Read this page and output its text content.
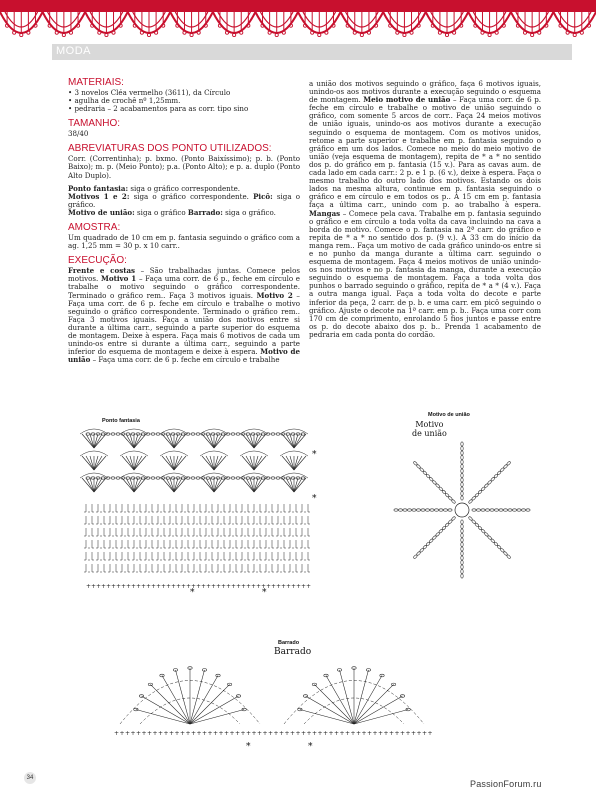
MODA
MATERIAIS:
• 3 novelos Cléa vermelho (3611), da Círculo
• agulha de crochê nº 1,25mm.
• pedraria – 2 acabamentos para as corr. tipo sino
TAMANHO:

38/40

ABREVIATURAS DOS PONTO UTILIZADOS:

Corr. (Correntinha); p. bxmo. (Ponto Baixíssimo); p. b. (Ponto Baixo); m. p. (Meio Ponto); p.a. (Ponto Alto); e p. a. duplo (Ponto Alto Duplo).

Ponto fantasia: siga o gráfico correspondente.
Motivos 1 e 2: siga o gráfico correspondente. Picô: siga o gráfico.
Motivo de união: siga o gráfico Barrado: siga o gráfico.

AMOSTRA:

Um quadrado de 10 cm em p. fantasia seguindo o gráfico com a ag. 1,25 mm = 30 p. x 10 carr..

EXECUÇÃO:

Frente e costas – São trabalhadas juntas. Comece pelos motivos. Motivo 1 – Faça uma corr. de 6 p., feche em círculo e trabalhe o motivo seguindo o gráfico correspondente. Terminado o gráfico rem.. Faça 3 motivos iguais. Motivo 2 – Faça uma corr. de 6 p. feche em círculo e trabalhe o motivo seguindo o gráfico correspondente. Terminado o gráfico rem.. Faça 3 motivos iguais. Faça a união dos motivos entre si durante a última carr., seguindo a parte superior do esquema de montagem. Deixe à espera. Faça mais 6 motivos de cada um unindo-os entre si durante a última carr., seguindo a parte inferior do esquema de montagem e deixe à espera. Motivo de união – Faça uma corr. de 6 p. feche em círculo e trabalhe

a união dos motivos seguindo o gráfico, faça 6 motivos iguais, unindo-os aos motivos durante a execução seguindo o esquema de montagem. Meio motivo de união – Faça uma corr. de 6 p. feche em círculo e trabalhe o motivo de união seguindo o gráfico, com somente 5 arcos de corr.. Faça 24 meios motivos de união iguais, unindo-os aos motivos durante a execução seguindo o esquema de montagem. Com os motivos unidos, retome a parte superior e trabalhe em p. fantasia seguindo o gráfico em um dos lados. Comece no meio do meio motivo de união (veja esquema de montagem), repita de * a * no sentido dos p. do gráfico em p. fantasia (15 v.). Para as cavas aum. de cada lado em cada carr.: 2 p. e 1 p. (6 v.), deixe à espera. Faça o mesmo trabalho do outro lado dos motivos. Estando os dois lados na mesma altura, continue em p. fantasia seguindo o gráfico e em círculo e em todos os p.. A 15 cm em p. fantasia faça a última carr., unindo com p. ao trabalho à espera. Mangas – Comece pela cava. Trabalhe em p. fantasia seguindo o gráfico e em círculo a toda volta da cava incluindo na cava a borda do motivo. Comece o p. fantasia na 2ª carr. do gráfico e repita de * a * no sentido dos p. (9 v.). A 33 cm do início da manga rem.. Faça um motivo de cada gráfico unindo-os entre si e no punho da manga durante a última carr. seguindo o esquema de montagem. Faça 4 meios motivos de união unindo-os nos motivos e no p. fantasia da manga, durante a execução seguindo o esquema de montagem. Faça a toda volta dos punhos o barrado seguindo o gráfico, repita de * a * (4 v.). Faça a outra manga igual. Faça a toda volta do decote e parte inferior da peça, 2 carr. de p. b. e uma carr. em picô seguindo o gráfico. Ajuste o decote na 1ª carr. em p. b.. Faça uma corr com 170 cm de comprimento, enrolando 5 fios juntos e passe entre os p. do decote abaixo dos p. b.. Prenda 1 acabamento de pedraria em cada ponta do cordão.

Ponto fantasia
+ + + + + + + + + + + + + + + + + + + + + + + + + + + + + + + + + + + + + + + + + + + + +
*
*
*	*
Motivo de união
Motivo
de união
Barrado
Barrado
+ + + + + + + + + + + + + + + + + + + + + + + + + + + + + + + + + + + + + + + + + + + + + + + + + + + + + + + + + +
*	*
34
PassionForum.ru
